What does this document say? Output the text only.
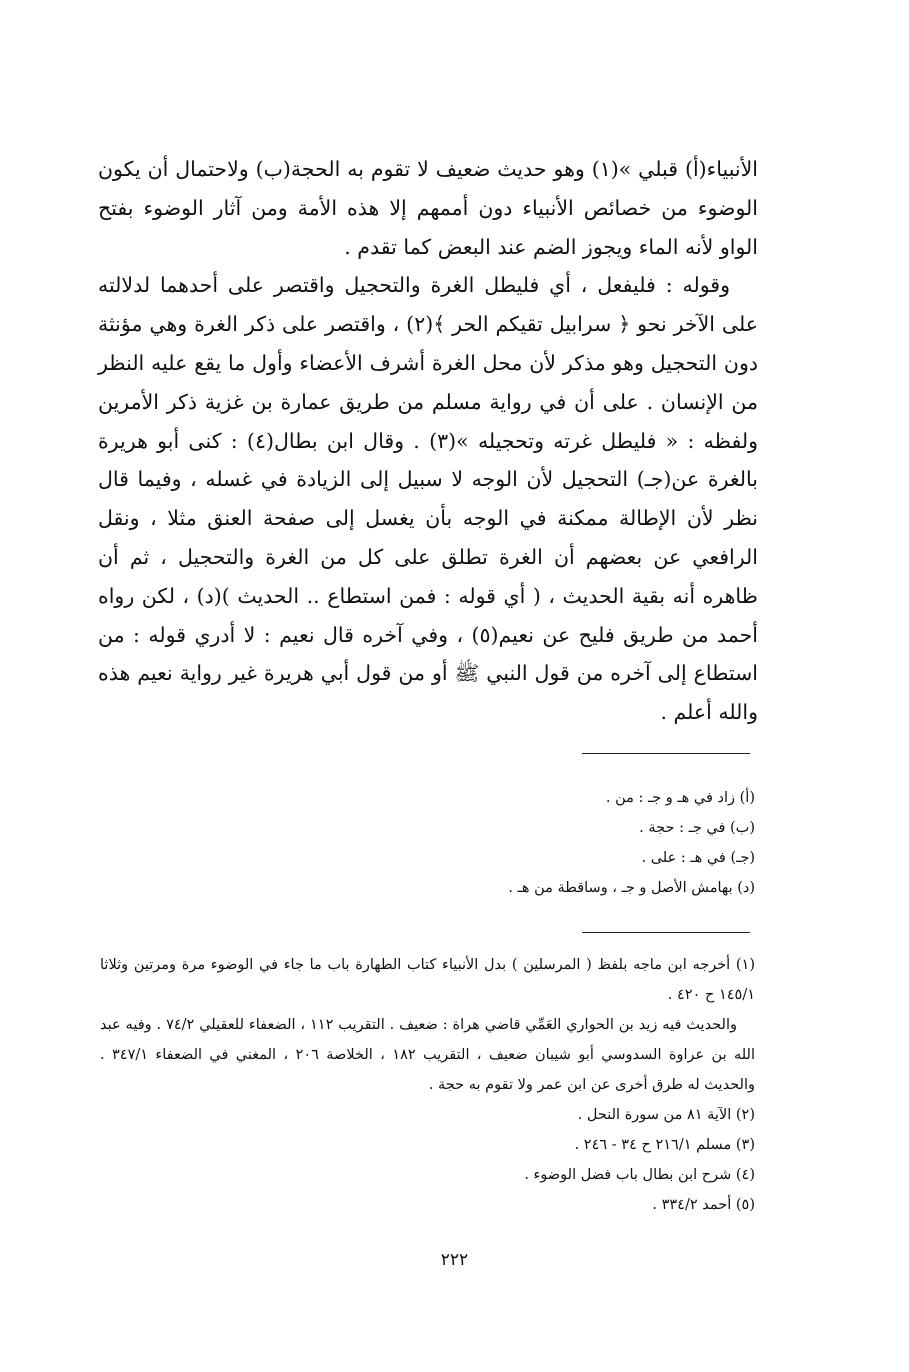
الأنبياء(أ) قبلي »(١) وهو حديث ضعيف لا تقوم به الحجة(ب) ولاحتمال أن يكون الوضوء من خصائص الأنبياء دون أممهم إلا هذه الأمة ومن آثار الوضوء بفتح الواو لأنه الماء ويجوز الضم عند البعض كما تقدم .

وقوله : فليفعل ، أي فليطل الغرة والتحجيل واقتصر على أحدهما لدلالته على الآخر نحو ﴿ سرابيل تقيكم الحر ﴾(٢) ، واقتصر على ذكر الغرة وهي مؤنثة دون التحجيل وهو مذكر لأن محل الغرة أشرف الأعضاء وأول ما يقع عليه النظر من الإنسان . على أن في رواية مسلم من طريق عمارة بن غزية ذكر الأمرين ولفظه : « فليطل غرته وتحجيله »(٣) . وقال ابن بطال(٤) : كنى أبو هريرة بالغرة عن(جـ) التحجيل لأن الوجه لا سبيل إلى الزيادة في غسله ، وفيما قال نظر لأن الإطالة ممكنة في الوجه بأن يغسل إلى صفحة العنق مثلا ، ونقل الرافعي عن بعضهم أن الغرة تطلق على كل من الغرة والتحجيل ، ثم أن ظاهره أنه بقية الحديث ، ( أي قوله : فمن استطاع .. الحديث )(د) ، لكن رواه أحمد من طريق فليح عن نعيم(٥) ، وفي آخره قال نعيم : لا أدري قوله : من استطاع إلى آخره من قول النبي ﷺ أو من قول أبي هريرة غير رواية نعيم هذه والله أعلم .

(أ) زاد في هـ و جـ : من .

(ب) في جـ : حجة .

(جـ) في هـ : على .

(د) بهامش الأصل و جـ ، وساقطة من هـ .

(١) أخرجه ابن ماجه بلفظ ( المرسلين ) بدل الأنبياء كتاب الطهارة باب ما جاء في الوضوء مرة ومرتين وثلاثا ١٤٥/١ ح ٤٢٠ .

والحديث فيه زيد بن الحواري العَمِّي قاضي هراة : ضعيف . التقريب ١١٢ ، الضعفاء للعقيلي ٧٤/٢ . وفيه عبد الله بن عراوة السدوسي أبو شيبان ضعيف ، التقريب ١٨٢ ، الخلاصة ٢٠٦ ، المغني في الضعفاء ٣٤٧/١ . والحديث له طرق أخرى عن ابن عمر ولا تقوم به حجة .

(٢) الآية ٨١ من سورة النحل .

(٣) مسلم ٢١٦/١ ح ٣٤ - ٢٤٦ .

(٤) شرح ابن بطال باب فضل الوضوء .

(٥) أحمد ٣٣٤/٢ .

٢٢٢
